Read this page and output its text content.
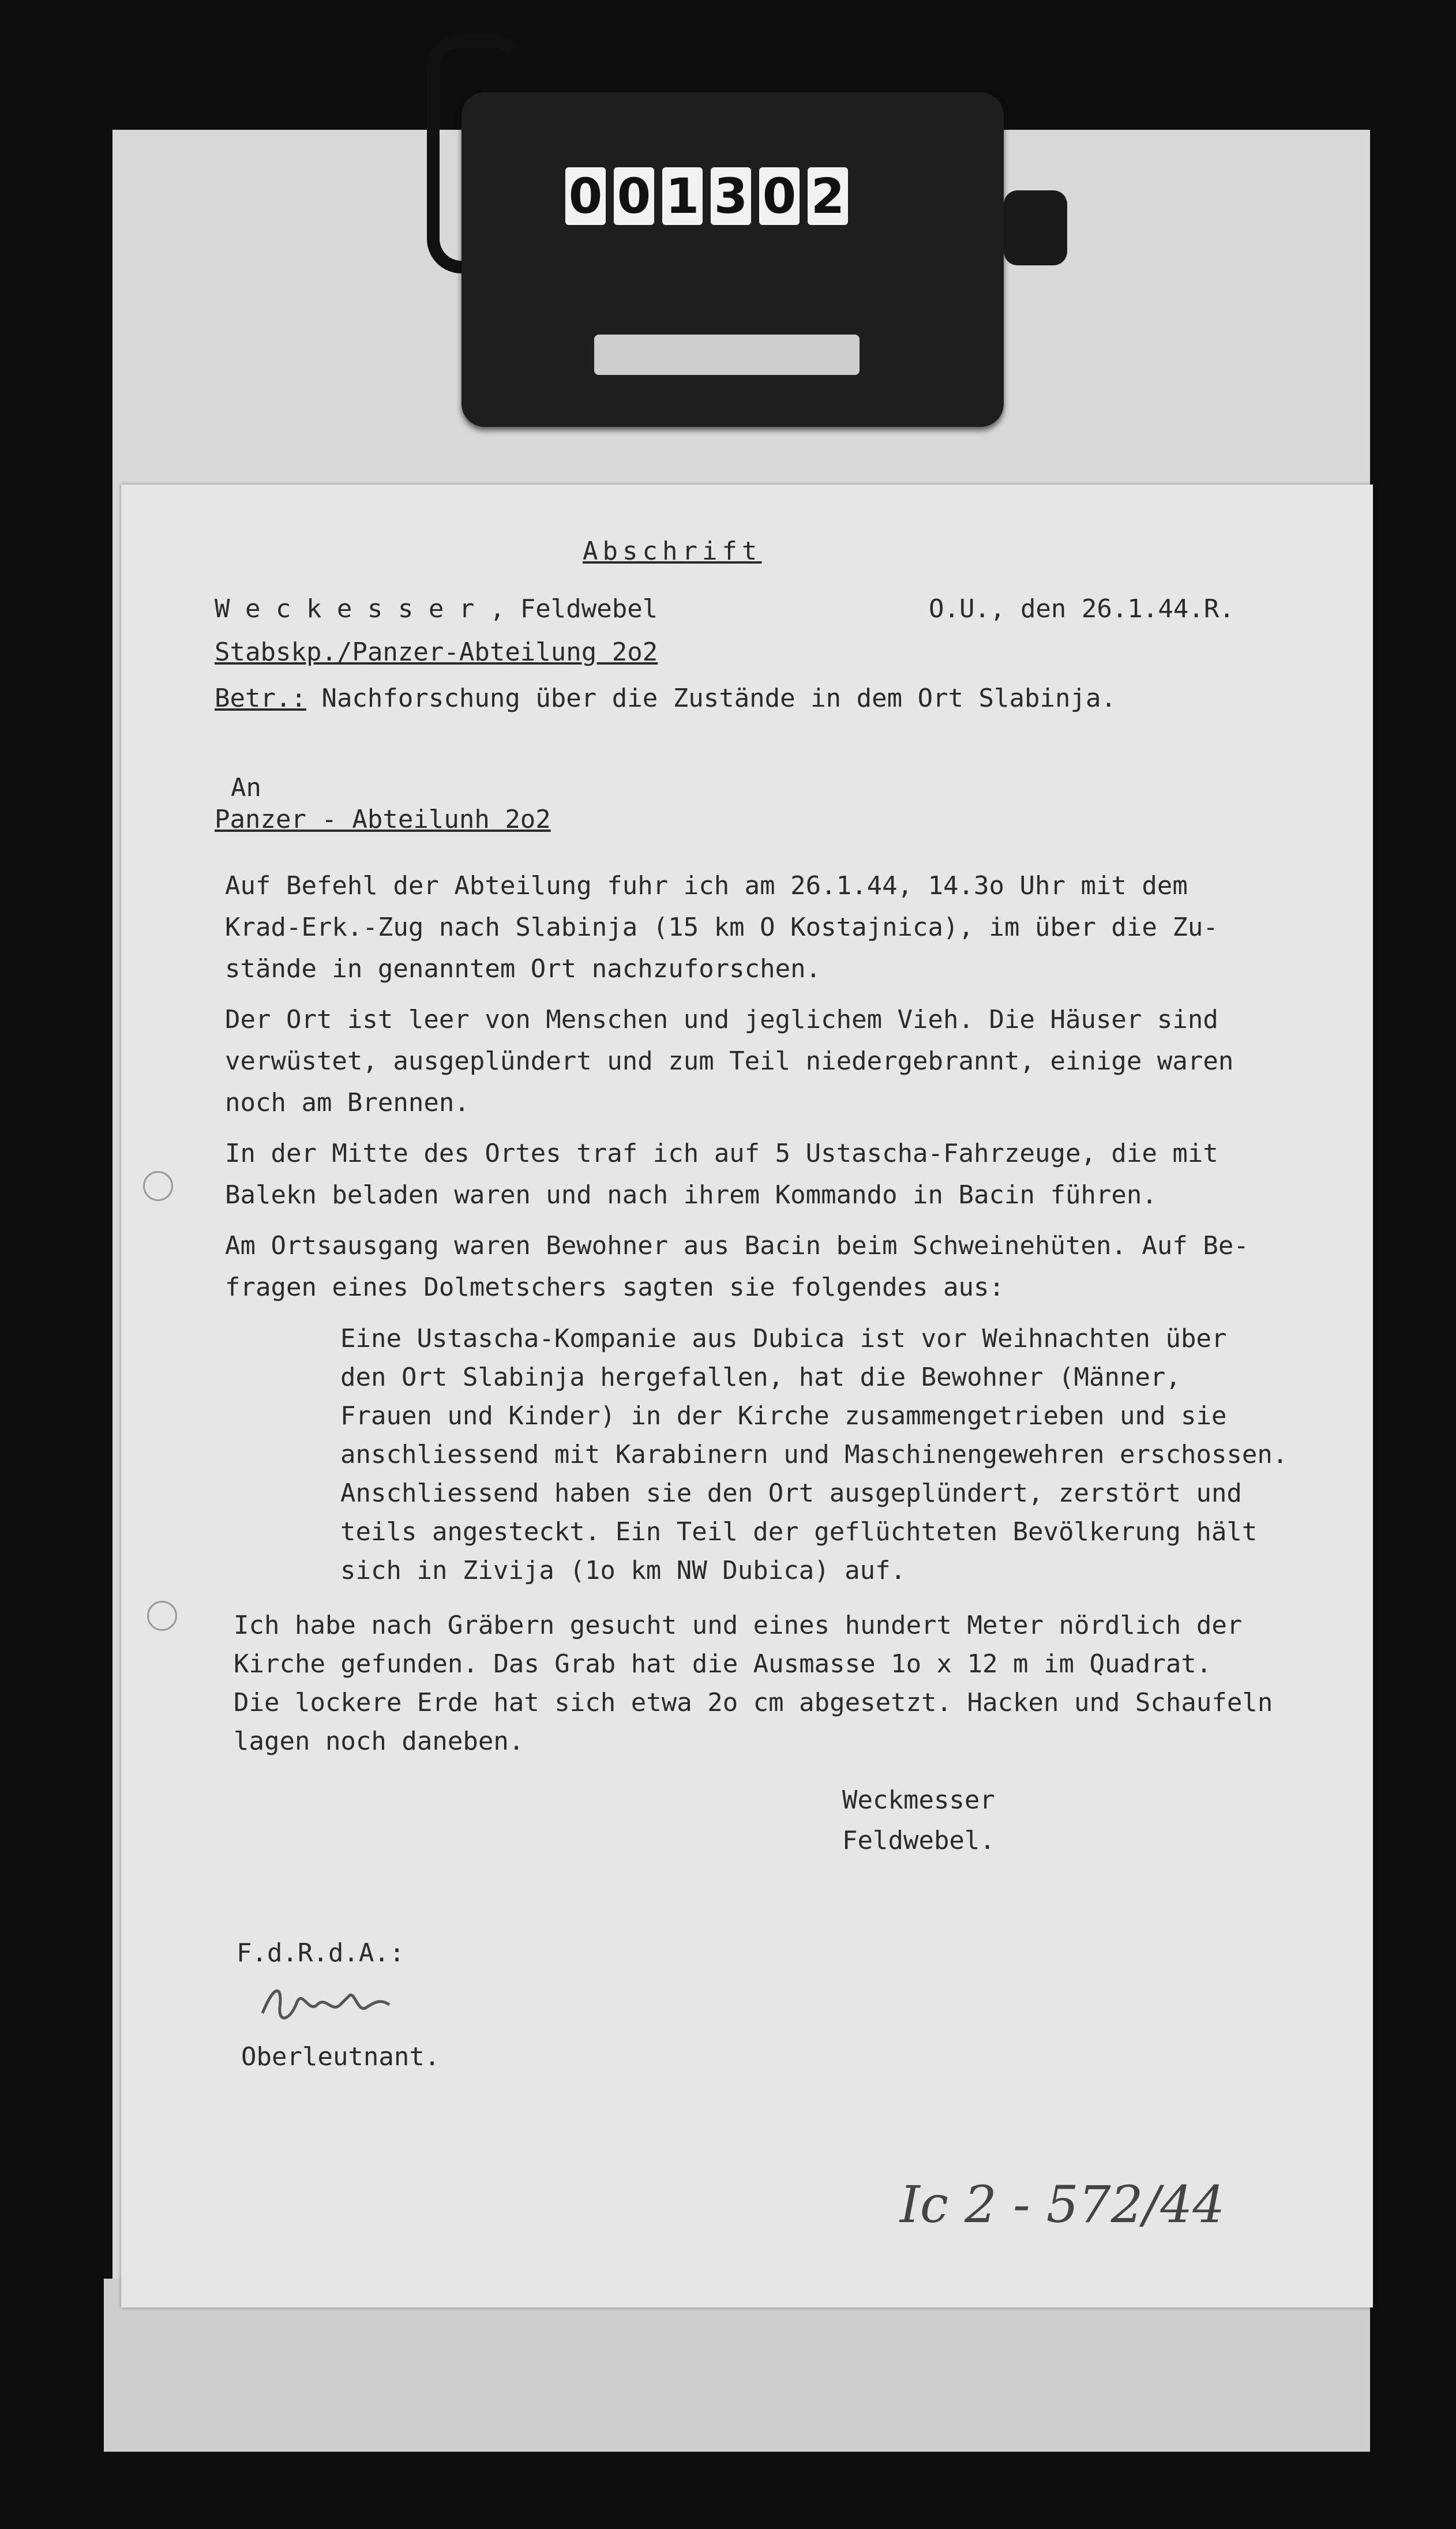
0 0 1 3 0 2
Abschrift
W e c k e s s e r , Feldwebel	O.U., den 26.1.44.R.
Stabskp./Panzer-Abteilung 2o2
Betr.: Nachforschung über die Zustände in dem Ort Slabinja.
An
Panzer - Abteilunh 2o2
Auf Befehl der Abteilung fuhr ich am 26.1.44, 14.3o Uhr mit dem
Krad-Erk.-Zug nach Slabinja (15 km O Kostajnica), im über die Zu-
stände in genanntem Ort nachzuforschen.
Der Ort ist leer von Menschen und jeglichem Vieh. Die Häuser sind
verwüstet, ausgeplündert und zum Teil niedergebrannt, einige waren
noch am Brennen.
In der Mitte des Ortes traf ich auf 5 Ustascha-Fahrzeuge, die mit
Balekn beladen waren und nach ihrem Kommando in Bacin führen.
Am Ortsausgang waren Bewohner aus Bacin beim Schweinehüten. Auf Be-
fragen eines Dolmetschers sagten sie folgendes aus:
Eine Ustascha-Kompanie aus Dubica ist vor Weihnachten über
den Ort Slabinja hergefallen, hat die Bewohner (Männer,
Frauen und Kinder) in der Kirche zusammengetrieben und sie
anschliessend mit Karabinern und Maschinengewehren erschossen.
Anschliessend haben sie den Ort ausgeplündert, zerstört und
teils angesteckt. Ein Teil der geflüchteten Bevölkerung hält
sich in Zivija (1o km NW Dubica) auf.
Ich habe nach Gräbern gesucht und eines hundert Meter nördlich der
Kirche gefunden. Das Grab hat die Ausmasse 1o x 12 m im Quadrat.
Die lockere Erde hat sich etwa 2o cm abgesetzt. Hacken und Schaufeln
lagen noch daneben.
Weckmesser
Feldwebel.
F.d.R.d.A.:
Oberleutnant.
Ic 2 - 572/44
